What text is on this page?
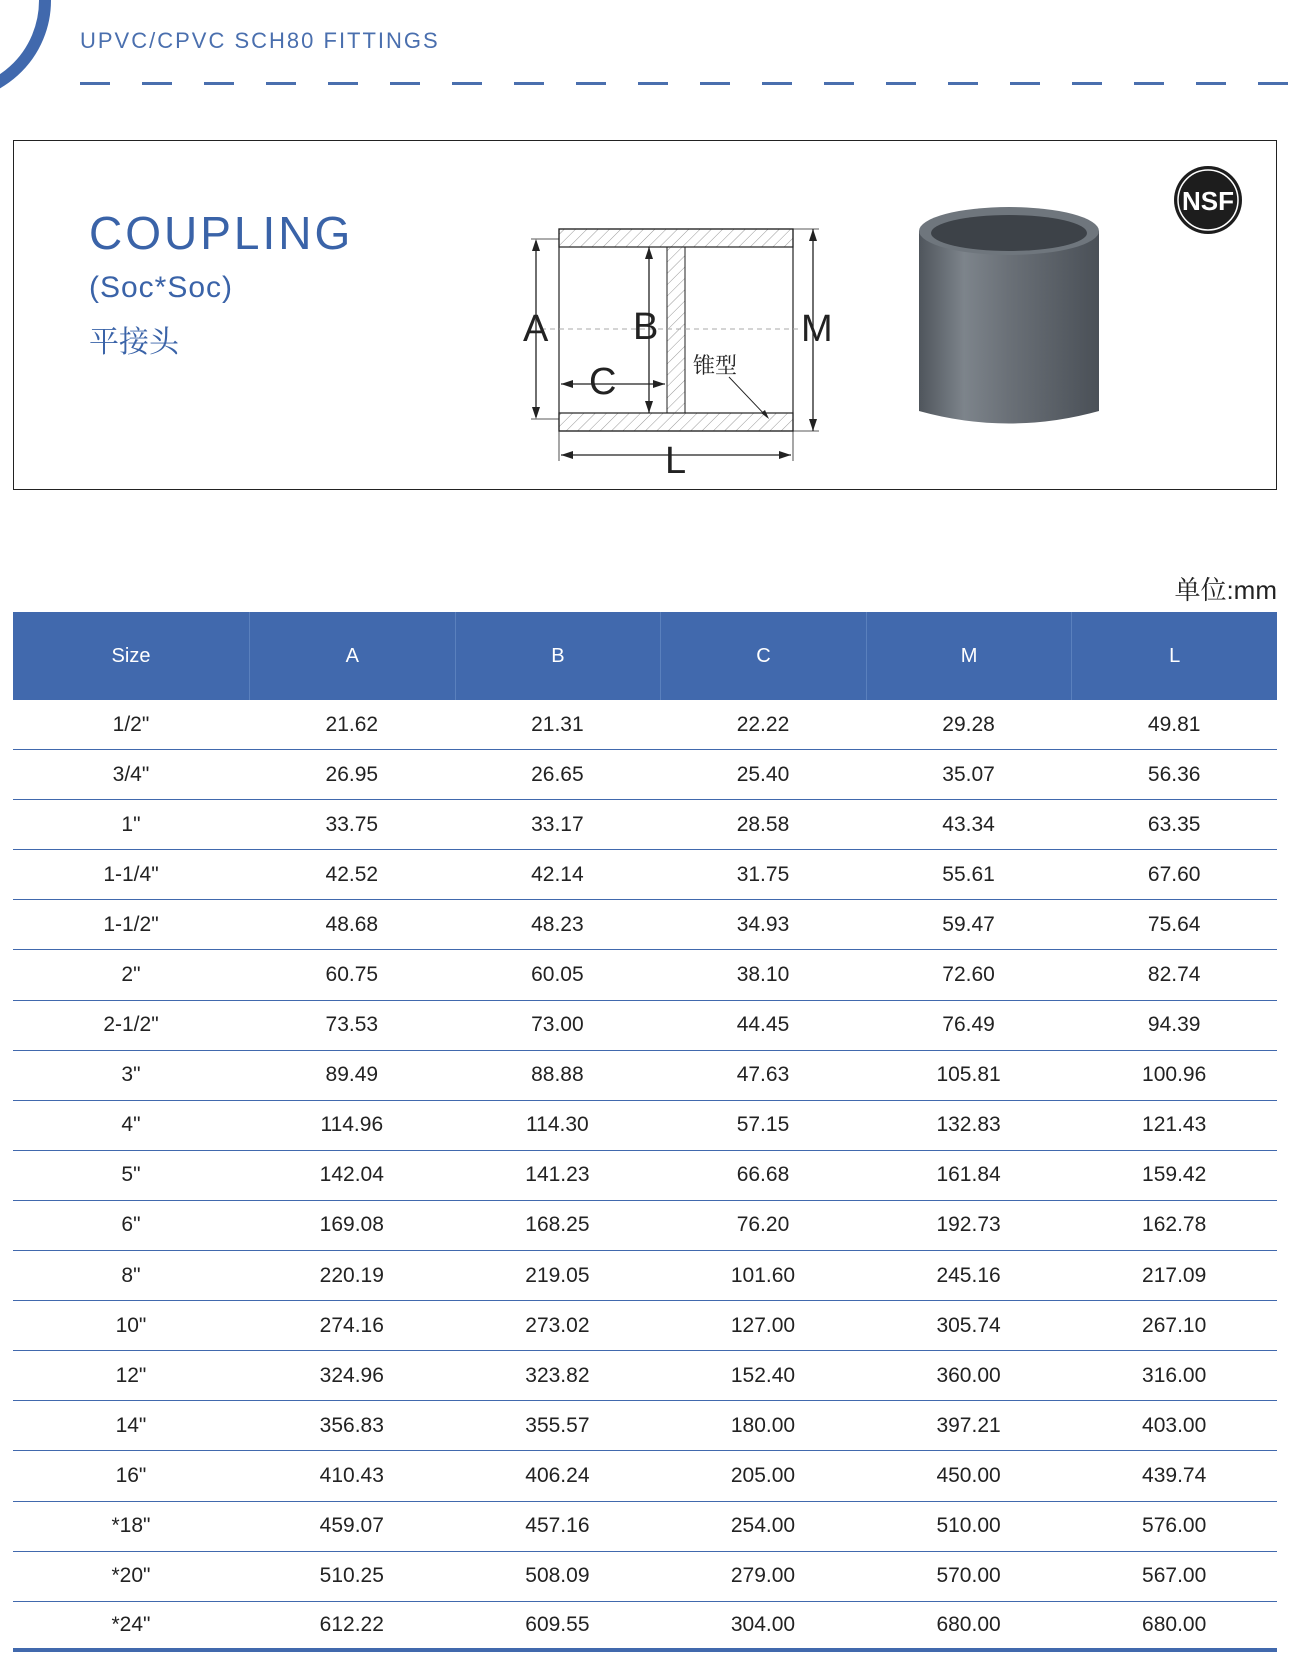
UPVC/CPVC SCH80 FITTINGS
COUPLING
(Soc*Soc)
平接头	A B
C
M
L
锥型
NSF
单位:mm
Size	A	B	C	M	L
1/2"	21.62	21.31	22.22	29.28	49.81
3/4"	26.95	26.65	25.40	35.07	56.36
1"	33.75	33.17	28.58	43.34	63.35
1-1/4"	42.52	42.14	31.75	55.61	67.60
1-1/2"	48.68	48.23	34.93	59.47	75.64
2"	60.75	60.05	38.10	72.60	82.74
2-1/2"	73.53	73.00	44.45	76.49	94.39
3"	89.49	88.88	47.63	105.81	100.96
4"	114.96	114.30	57.15	132.83	121.43
5"	142.04	141.23	66.68	161.84	159.42
6"	169.08	168.25	76.20	192.73	162.78
8"	220.19	219.05	101.60	245.16	217.09
10"	274.16	273.02	127.00	305.74	267.10
12"	324.96	323.82	152.40	360.00	316.00
14"	356.83	355.57	180.00	397.21	403.00
16"	410.43	406.24	205.00	450.00	439.74
*18"	459.07	457.16	254.00	510.00	576.00
*20"	510.25	508.09	279.00	570.00	567.00
*24"	612.22	609.55	304.00	680.00	680.00
